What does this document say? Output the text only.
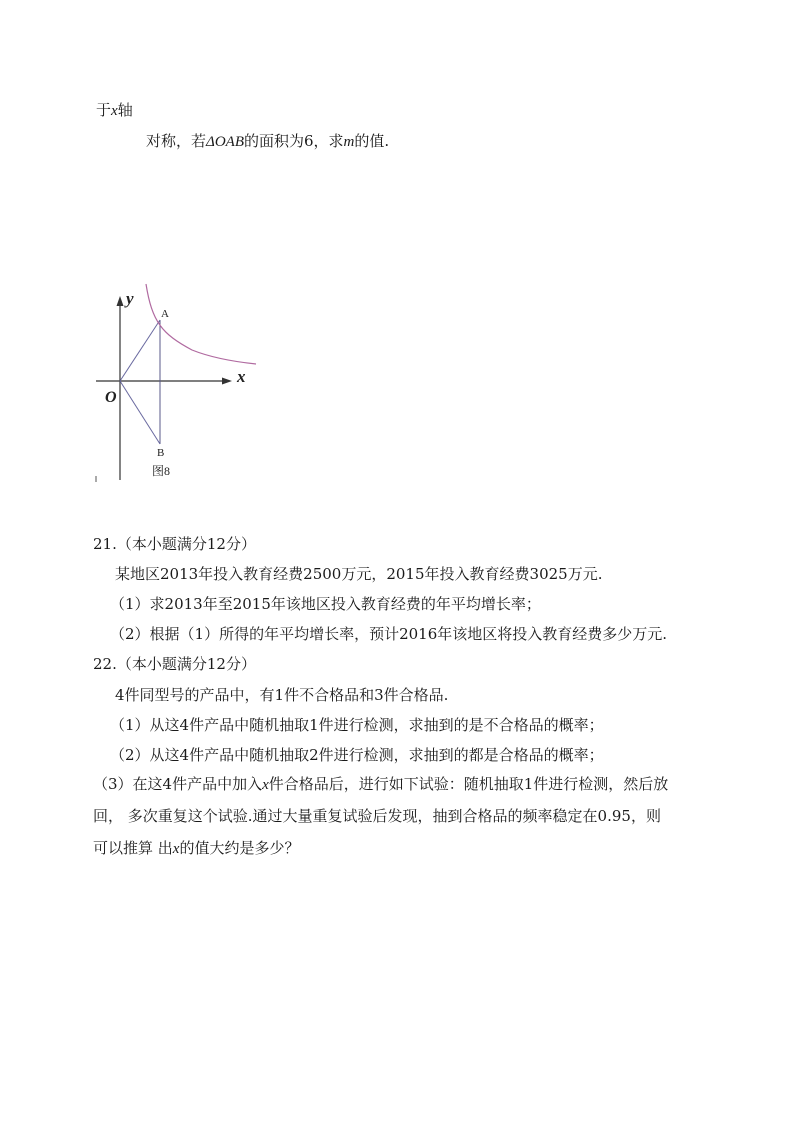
于x轴
对称，若ΔOAB的面积为6，求m的值.
y
x
O
A
B
图8
21.（本小题满分12分）
某地区2013年投入教育经费2500万元，2015年投入教育经费3025万元.
（1）求2013年至2015年该地区投入教育经费的年平均增长率；
（2）根据（1）所得的年平均增长率，预计2016年该地区将投入教育经费多少万元.
22.（本小题满分12分）
4件同型号的产品中，有1件不合格品和3件合格品.
（1）从这4件产品中随机抽取1件进行检测，求抽到的是不合格品的概率；
（2）从这4件产品中随机抽取2件进行检测，求抽到的都是合格品的概率；
（3）在这4件产品中加入x件合格品后，进行如下试验：随机抽取1件进行检测，然后放
回， 多次重复这个试验.通过大量重复试验后发现，抽到合格品的频率稳定在0.95，则
可以推算 出x的值大约是多少？
